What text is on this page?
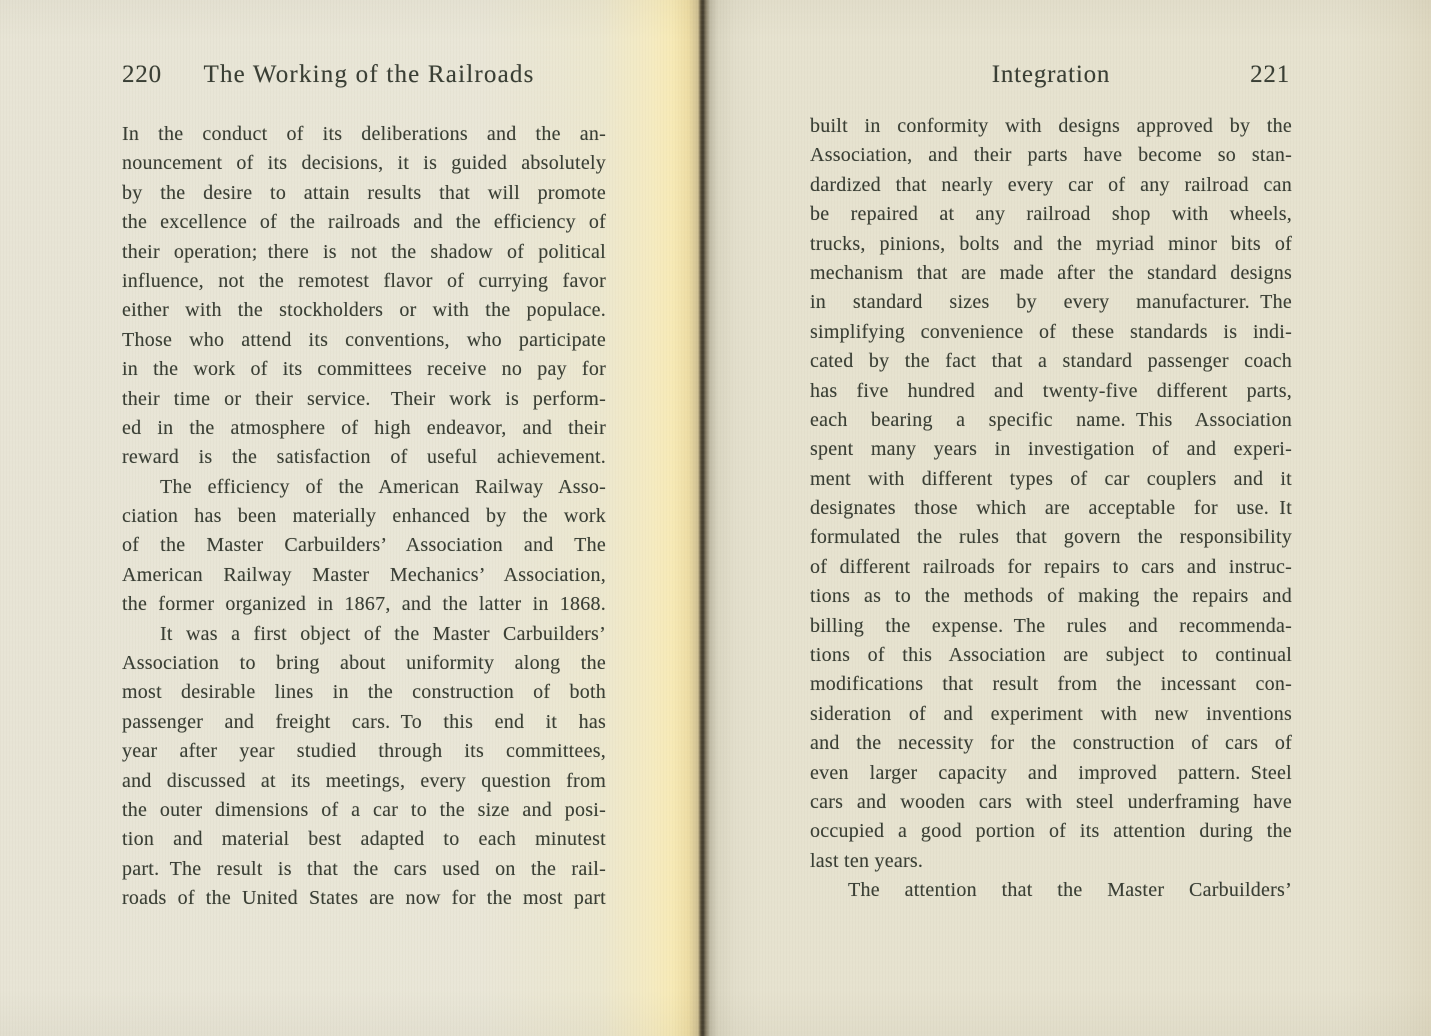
220 The Working of the Railroads
In the conduct of its deliberations and the an-
nouncement of its decisions, it is guided absolutely
by the desire to attain results that will promote
the excellence of the railroads and the efficiency of
their operation; there is not the shadow of political
influence, not the remotest flavor of currying favor
either with the stockholders or with the populace.
Those who attend its conventions, who participate
in the work of its committees receive no pay for
their time or their service. Their work is perform-
ed in the atmosphere of high endeavor, and their
reward is the satisfaction of useful achievement.
The efficiency of the American Railway Asso-
ciation has been materially enhanced by the work
of the Master Carbuilders’ Association and The
American Railway Master Mechanics’ Association,
the former organized in 1867, and the latter in 1868.
It was a first object of the Master Carbuilders’
Association to bring about uniformity along the
most desirable lines in the construction of both
passenger and freight cars. To this end it has
year after year studied through its committees,
and discussed at its meetings, every question from
the outer dimensions of a car to the size and posi-
tion and material best adapted to each minutest
part. The result is that the cars used on the rail-
roads of the United States are now for the most part
Integration	221
built in conformity with designs approved by the
Association, and their parts have become so stan-
dardized that nearly every car of any railroad can
be repaired at any railroad shop with wheels,
trucks, pinions, bolts and the myriad minor bits of
mechanism that are made after the standard designs
in standard sizes by every manufacturer. The
simplifying convenience of these standards is indi-
cated by the fact that a standard passenger coach
has five hundred and twenty-five different parts,
each bearing a specific name. This Association
spent many years in investigation of and experi-
ment with different types of car couplers and it
designates those which are acceptable for use. It
formulated the rules that govern the responsibility
of different railroads for repairs to cars and instruc-
tions as to the methods of making the repairs and
billing the expense. The rules and recommenda-
tions of this Association are subject to continual
modifications that result from the incessant con-
sideration of and experiment with new inventions
and the necessity for the construction of cars of
even larger capacity and improved pattern. Steel
cars and wooden cars with steel underframing have
occupied a good portion of its attention during the
last ten years.
The attention that the Master Carbuilders’
